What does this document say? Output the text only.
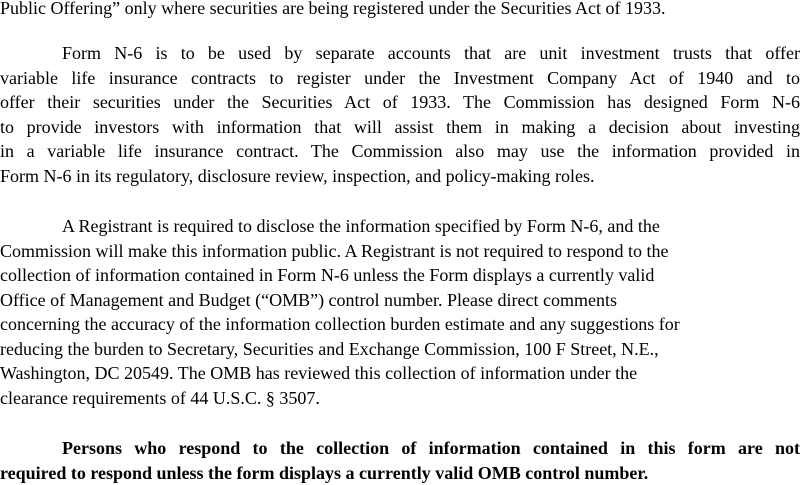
Public Offering” only where securities are being registered under the Securities Act of 1933.
Form N-6 is to be used by separate accounts that are unit investment trusts that offer
variable life insurance contracts to register under the Investment Company Act of 1940 and to
offer their securities under the Securities Act of 1933. The Commission has designed Form N-6
to provide investors with information that will assist them in making a decision about investing
in a variable life insurance contract. The Commission also may use the information provided in
Form N-6 in its regulatory, disclosure review, inspection, and policy-making roles.
A Registrant is required to disclose the information specified by Form N-6, and the
Commission will make this information public. A Registrant is not required to respond to the
collection of information contained in Form N-6 unless the Form displays a currently valid
Office of Management and Budget (“OMB”) control number. Please direct comments
concerning the accuracy of the information collection burden estimate and any suggestions for
reducing the burden to Secretary, Securities and Exchange Commission, 100 F Street, N.E.,
Washington, DC 20549. The OMB has reviewed this collection of information under the
clearance requirements of 44 U.S.C. § 3507.
Persons who respond to the collection of information contained in this form are not
required to respond unless the form displays a currently valid OMB control number.
